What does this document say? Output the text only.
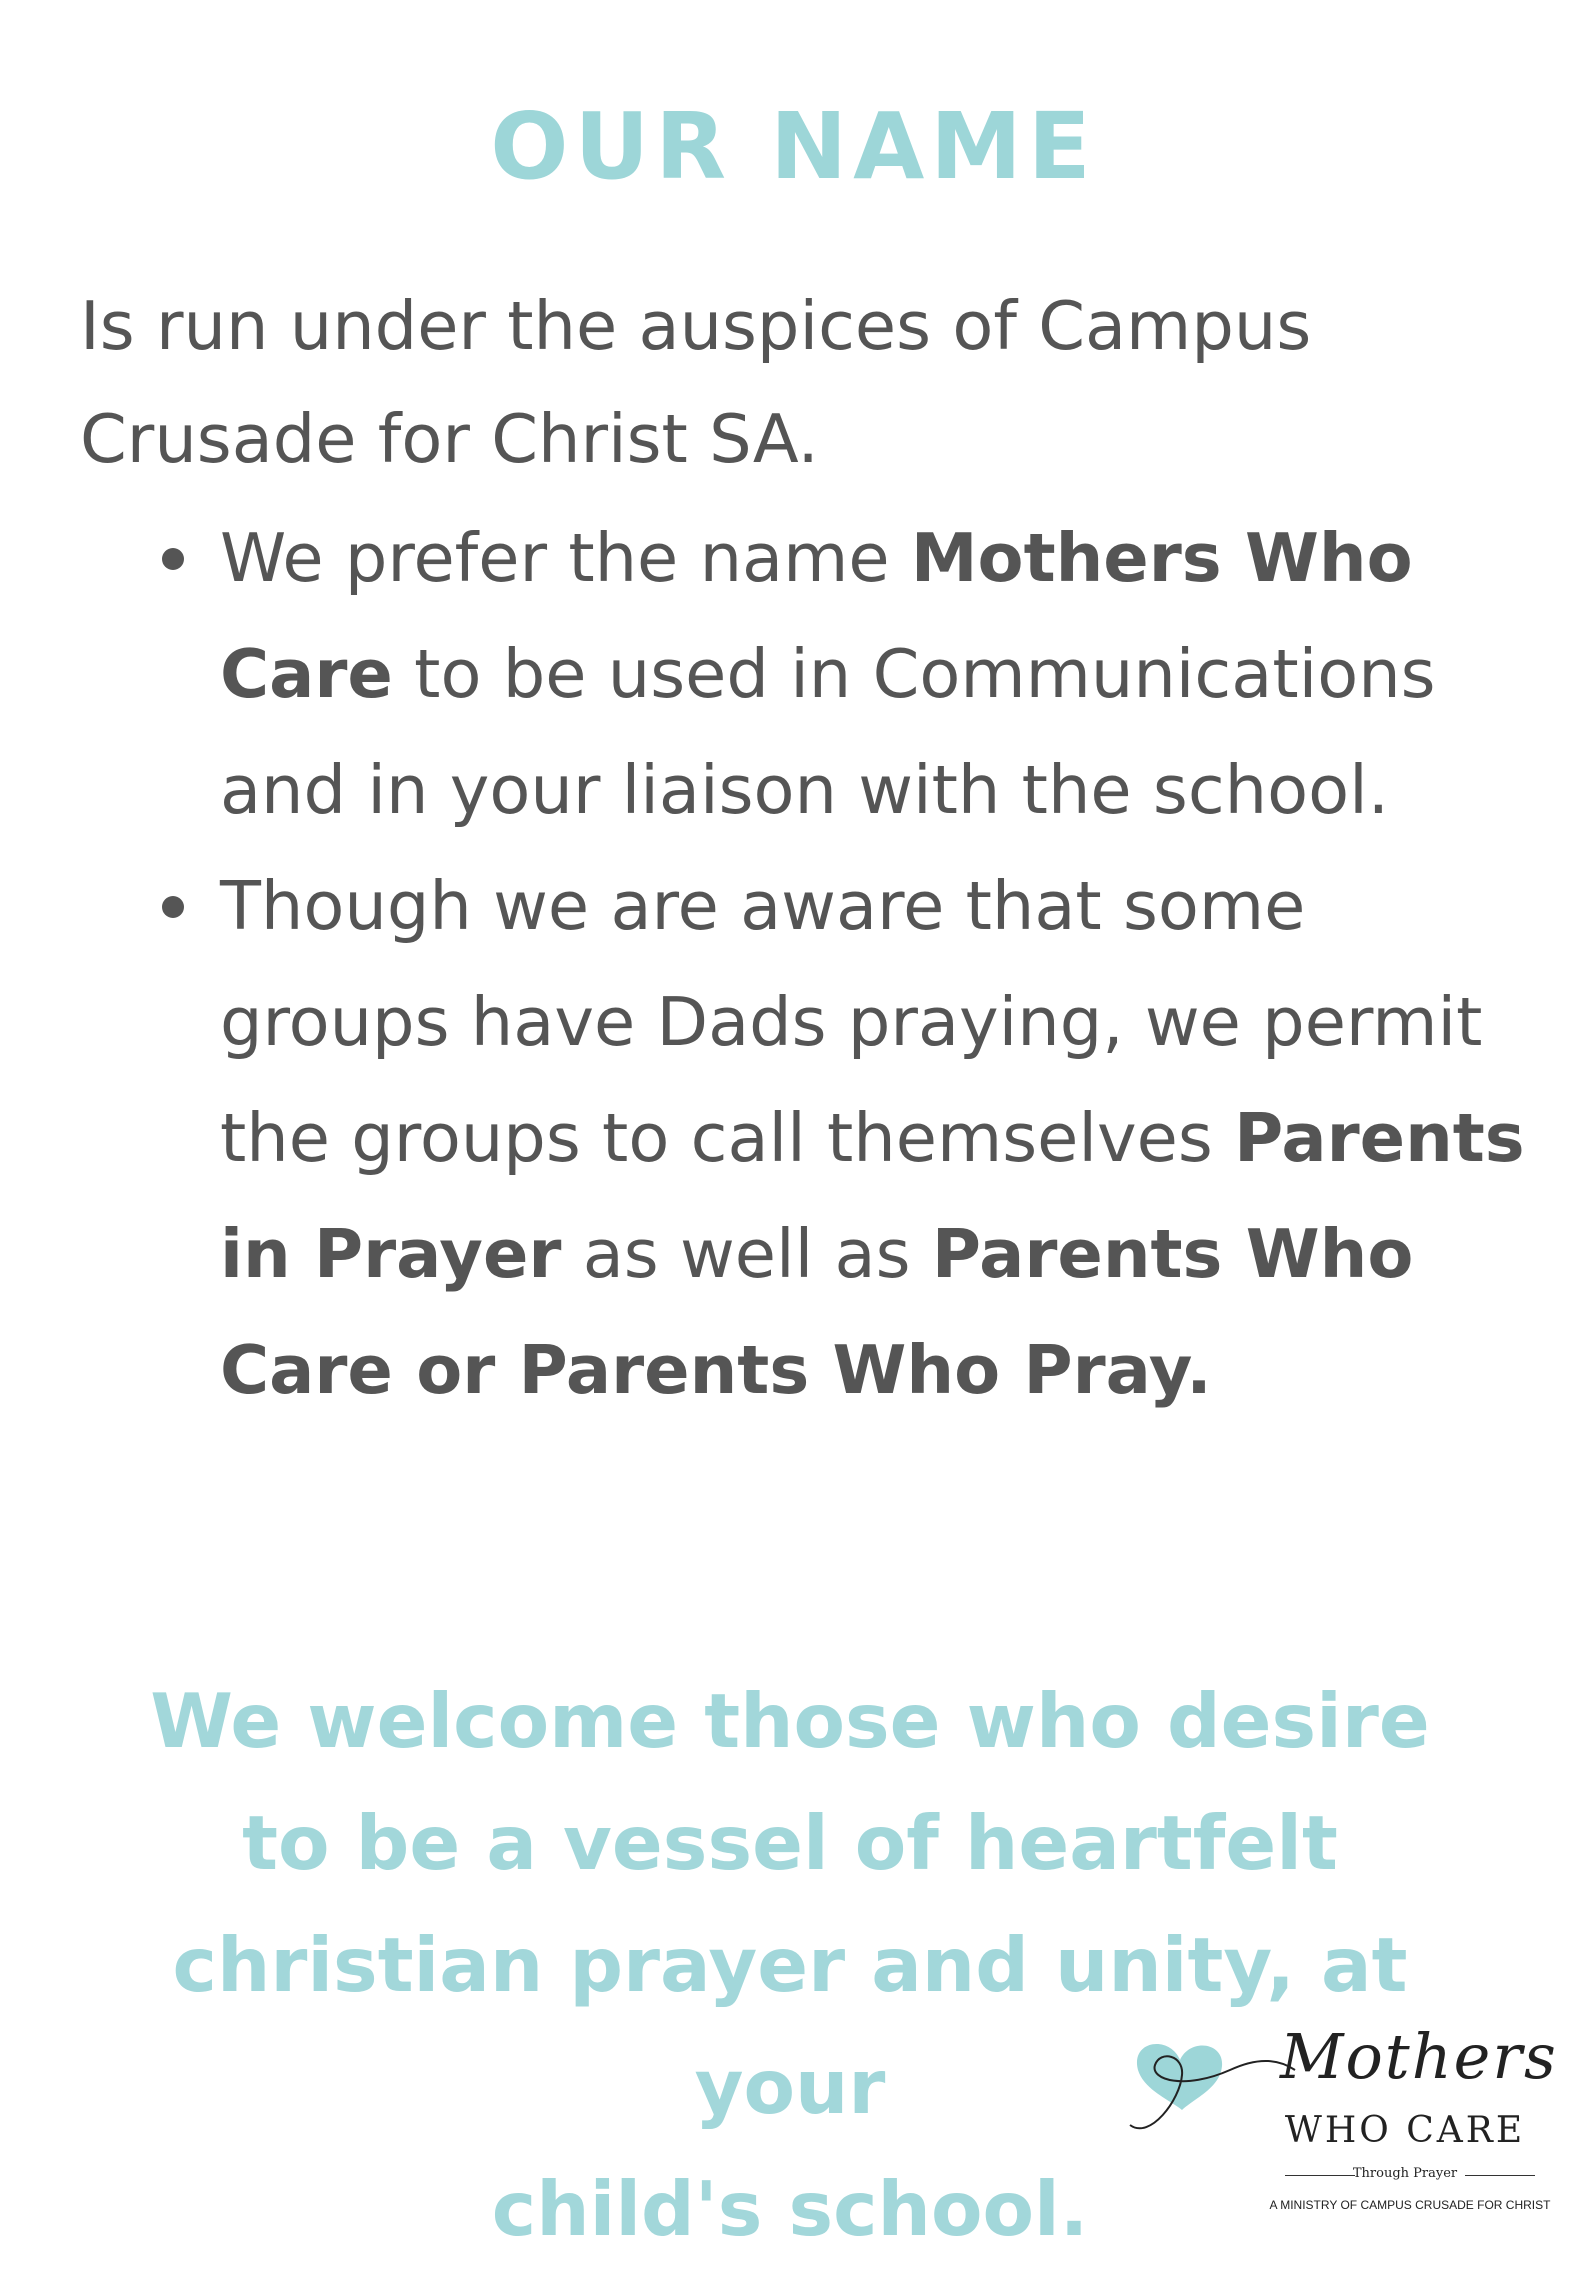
OUR NAME
Is run under the auspices of Campus Crusade for Christ SA.
We prefer the name Mothers Who Care to be used in Communications and in your liaison with the school.
Though we are aware that some groups have Dads praying, we permit the groups to call themselves Parents in Prayer as well as Parents Who Care or Parents Who Pray.
We welcome those who desire
to be a vessel of heartfelt
christian prayer and unity, at your
child's school.
Mothers
WHO CARE
Through Prayer
A MINISTRY OF CAMPUS CRUSADE FOR CHRIST
